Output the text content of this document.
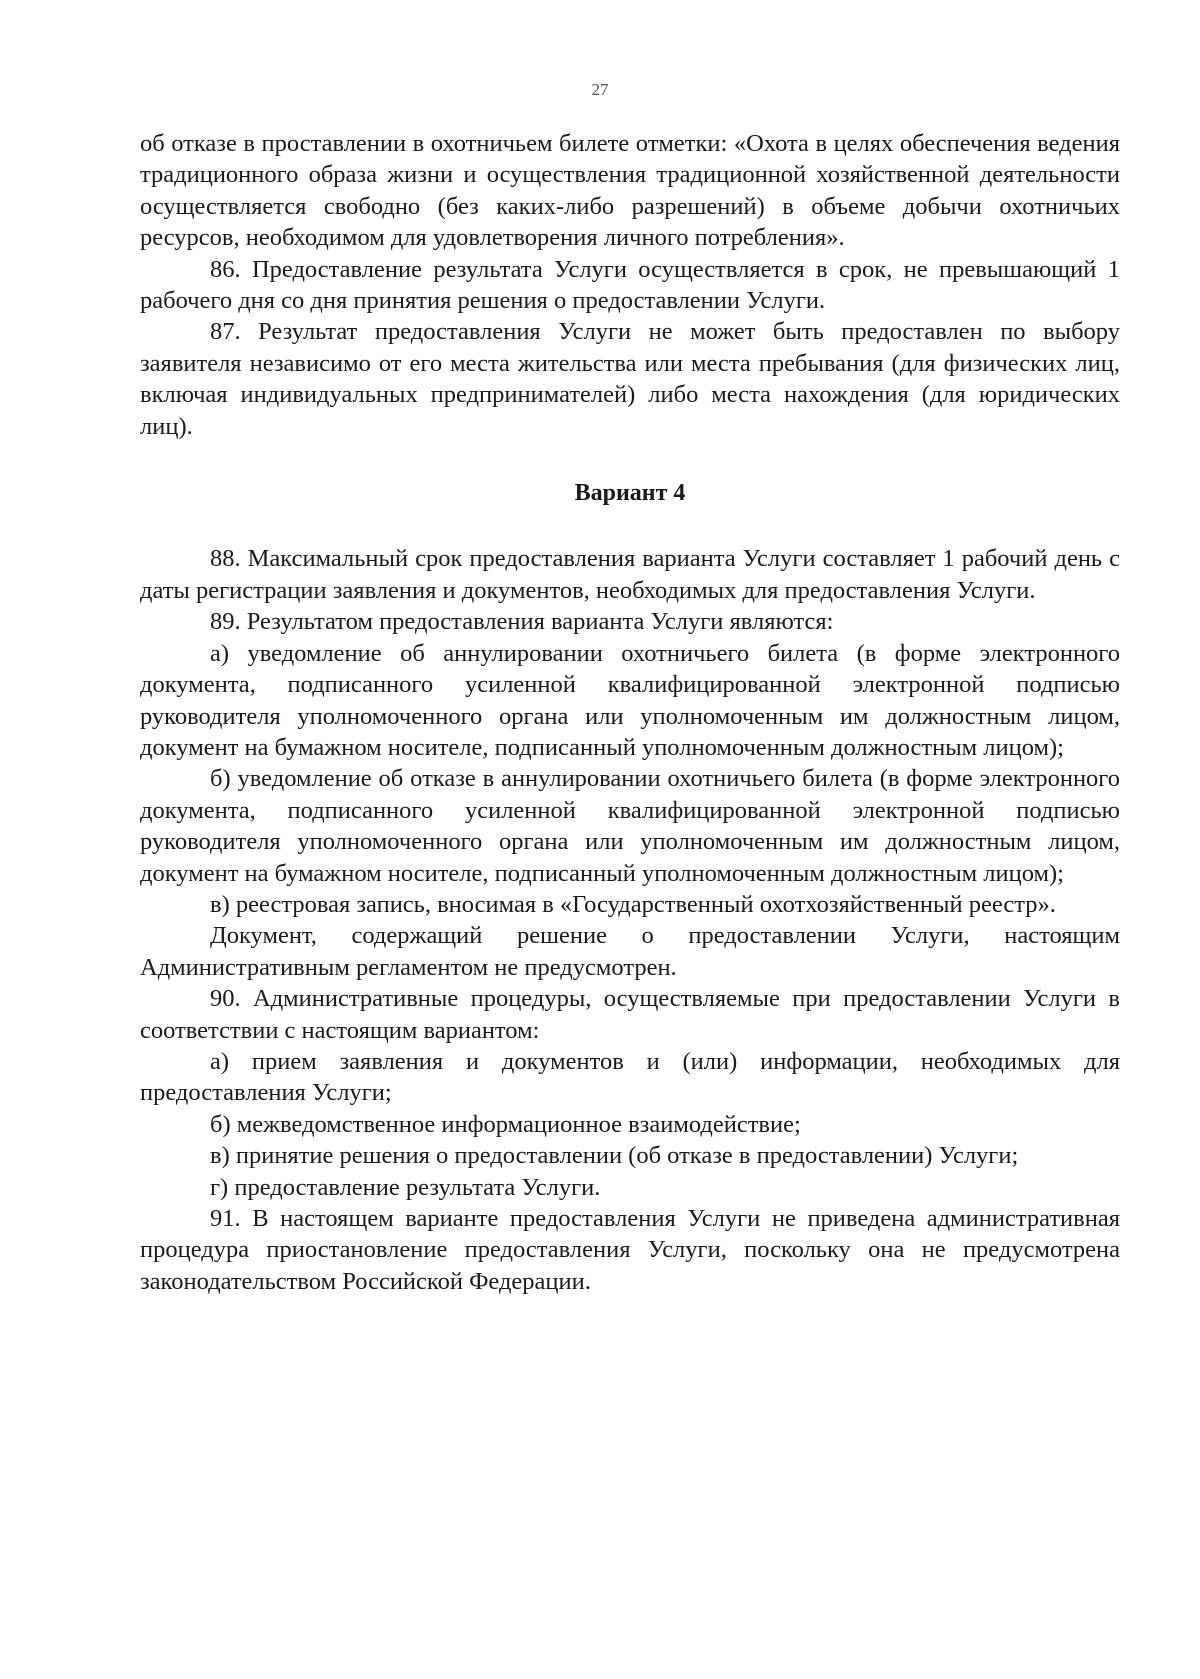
27

об отказе в проставлении в охотничьем билете отметки: «Охота в целях обеспечения ведения традиционного образа жизни и осуществления традиционной хозяйственной деятельности осуществляется свободно (без каких-либо разрешений) в объеме добычи охотничьих ресурсов, необходимом для удовлетворения личного потребления».

86. Предоставление результата Услуги осуществляется в срок, не превышающий 1 рабочего дня со дня принятия решения о предоставлении Услуги.

87. Результат предоставления Услуги не может быть предоставлен по выбору заявителя независимо от его места жительства или места пребывания (для физических лиц, включая индивидуальных предпринимателей) либо места нахождения (для юридических лиц).

Вариант 4

88. Максимальный срок предоставления варианта Услуги составляет 1 рабочий день с даты регистрации заявления и документов, необходимых для предоставления Услуги.

89. Результатом предоставления варианта Услуги являются:

а) уведомление об аннулировании охотничьего билета (в форме электронного документа, подписанного усиленной квалифицированной электронной подписью руководителя уполномоченного органа или уполномоченным им должностным лицом, документ на бумажном носителе, подписанный уполномоченным должностным лицом);

б) уведомление об отказе в аннулировании охотничьего билета (в форме электронного документа, подписанного усиленной квалифицированной электронной подписью руководителя уполномоченного органа или уполномоченным им должностным лицом, документ на бумажном носителе, подписанный уполномоченным должностным лицом);

в) реестровая запись, вносимая в «Государственный охотхозяйственный реестр».

Документ, содержащий решение о предоставлении Услуги, настоящим Административным регламентом не предусмотрен.

90. Административные процедуры, осуществляемые при предоставлении Услуги в соответствии с настоящим вариантом:

а) прием заявления и документов и (или) информации, необходимых для предоставления Услуги;

б) межведомственное информационное взаимодействие;

в) принятие решения о предоставлении (об отказе в предоставлении) Услуги;

г) предоставление результата Услуги.

91. В настоящем варианте предоставления Услуги не приведена административная процедура приостановление предоставления Услуги, поскольку она не предусмотрена законодательством Российской Федерации.
